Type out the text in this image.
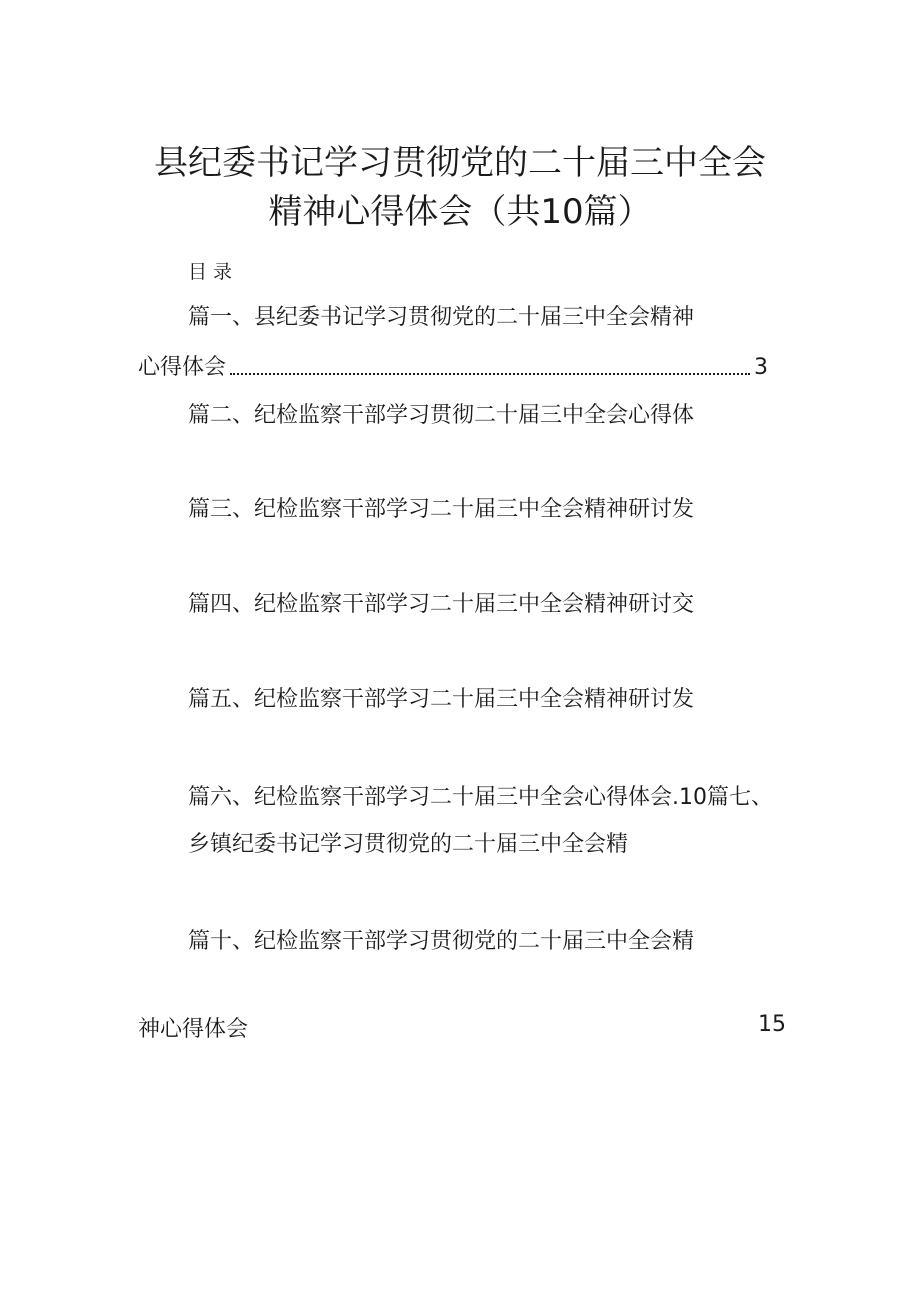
县纪委书记学习贯彻党的二十届三中全会
精神心得体会（共10篇）
目录
篇一、县纪委书记学习贯彻党的二十届三中全会精神
心得体会	3
篇二、纪检监察干部学习贯彻二十届三中全会心得体
篇三、纪检监察干部学习二十届三中全会精神研讨发
篇四、纪检监察干部学习二十届三中全会精神研讨交
篇五、纪检监察干部学习二十届三中全会精神研讨发
篇六、纪检监察干部学习二十届三中全会心得体会.10篇七、
乡镇纪委书记学习贯彻党的二十届三中全会精
篇十、纪检监察干部学习贯彻党的二十届三中全会精
神心得体会	15
